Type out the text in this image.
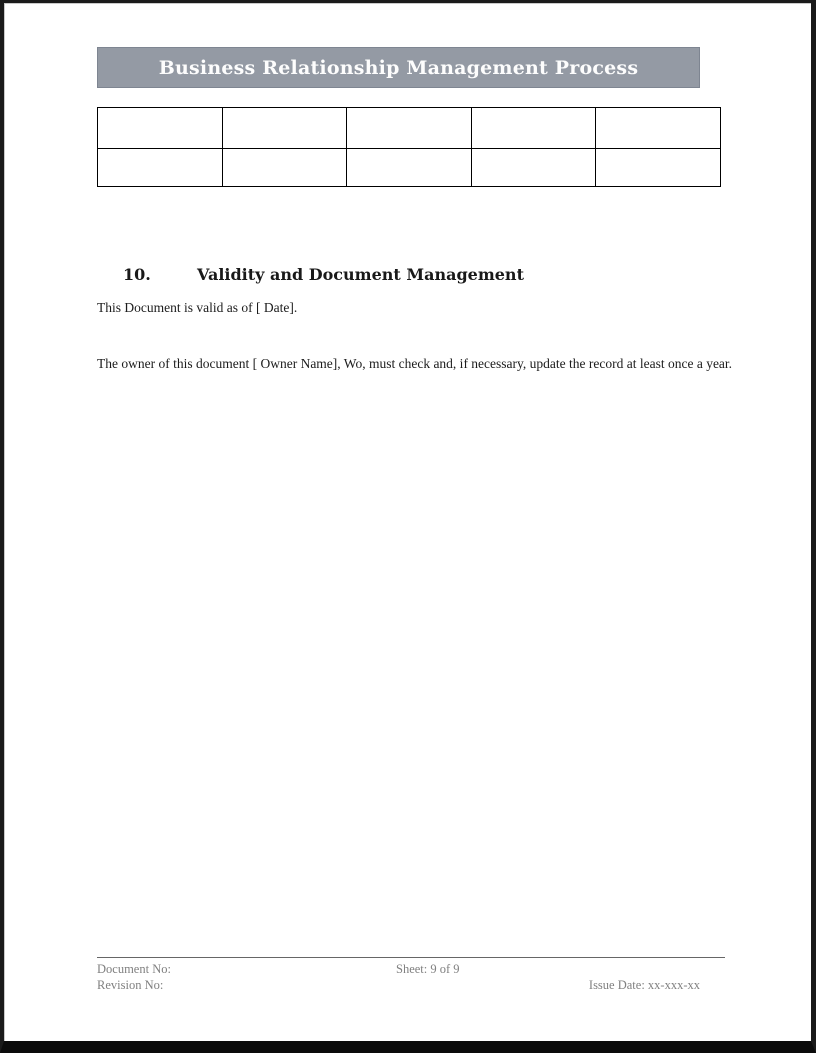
Business Relationship Management Process

10.	Validity and Document Management
This Document is valid as of [ Date].
The owner of this document [ Owner Name], Wo, must check and, if necessary, update the record at least once a year.
Document No:	Sheet: 9 of 9
Revision No:	Issue Date: xx-xxx-xx
